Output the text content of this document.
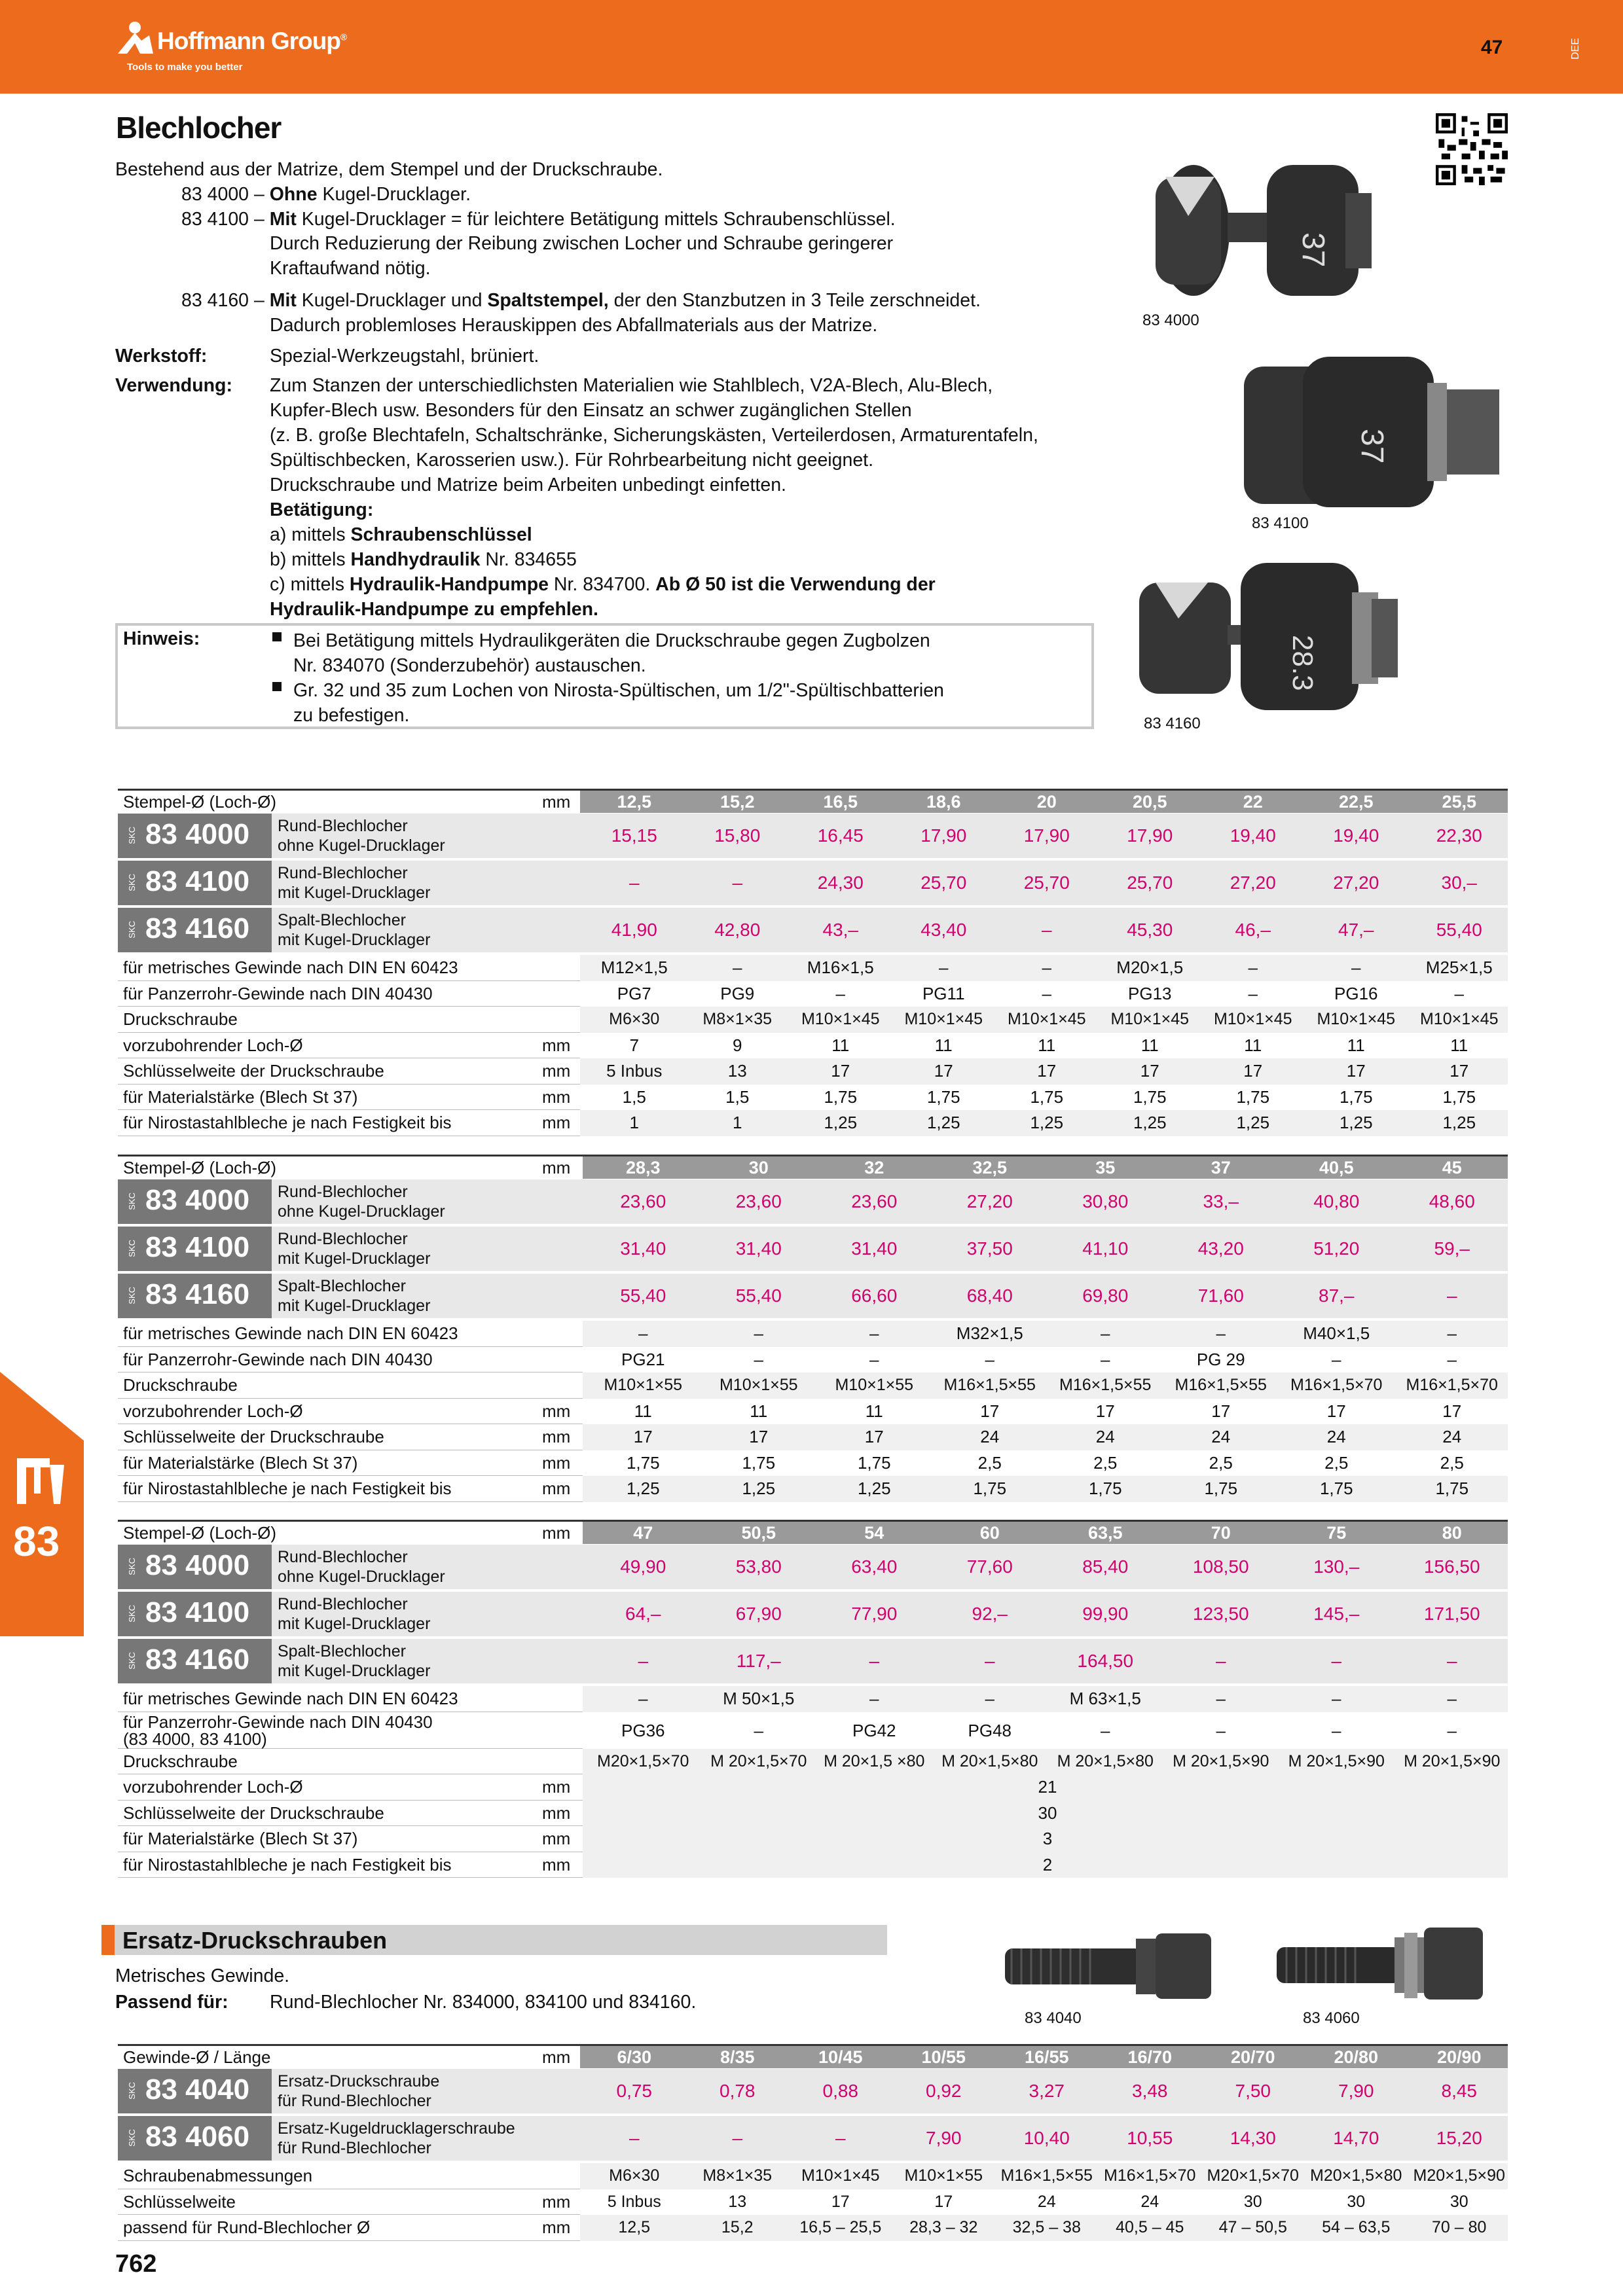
Hoffmann Group®
Tools to make you better
47	DEE
Blechlocher
Bestehend aus der Matrize, dem Stempel und der Druckschraube.
83 4000 – Ohne Kugel-Drucklager.
83 4100 – Mit Kugel-Drucklager = für leichtere Betätigung mittels Schraubenschlüssel.
Durch Reduzierung der Reibung zwischen Locher und Schraube geringerer
Kraftaufwand nötig.
83 4160 – Mit Kugel-Drucklager und Spaltstempel, der den Stanzbutzen in 3 Teile zerschneidet.
Dadurch problemloses Herauskippen des Abfallmaterials aus der Matrize.
Werkstoff:	Spezial-Werkzeugstahl, brüniert.
Verwendung: Zum Stanzen der unterschiedlichsten Materialien wie Stahlblech, V2A-Blech, Alu-Blech,
Kupfer-Blech usw. Besonders für den Einsatz an schwer zugänglichen Stellen
(z. B. große Blechtafeln, Schaltschränke, Sicherungskästen, Verteilerdosen, Armaturentafeln,
Spültischbecken, Karosserien usw.). Für Rohrbearbeitung nicht geeignet.
Druckschraube und Matrize beim Arbeiten unbedingt einfetten.
Betätigung:
a) mittels Schraubenschlüssel
b) mittels Handhydraulik Nr. 834655
c) mittels Hydraulik-Handpumpe Nr. 834700. Ab Ø 50 ist die Verwendung der
Hydraulik-Handpumpe zu empfehlen.
Hinweis:	Bei Betätigung mittels Hydraulikgeräten die Druckschraube gegen Zugbolzen
Nr. 834070 (Sonderzubehör) austauschen.
Gr. 32 und 35 zum Lochen von Nirosta-Spültischen, um 1/2"-Spültischbatterien
zu befestigen.
37
83 4000
37
83 4100
28.3
83 4160
12,5	15,2	16,5	18,6	20	20,5	22	22,5	25,5
Stempel-Ø (Loch-Ø)	mm
SKC 83 4000 Rund-Blechlocher
ohne Kugel-Drucklager	15,15	15,80	16,45	17,90	17,90	17,90	19,40	19,40	22,30
SKC 83 4100 Rund-Blechlocher
mit Kugel-Drucklager	–	–	24,30	25,70	25,70	25,70	27,20	27,20	30,–
SKC 83 4160 Spalt-Blechlocher
mit Kugel-Drucklager	41,90	42,80	43,–	43,40	–	45,30	46,–	47,–	55,40
für metrisches Gewinde nach DIN EN 60423	M12×1,5	–	M16×1,5	–	–	M20×1,5	–	–	M25×1,5
für Panzerrohr-Gewinde nach DIN 40430	PG7	PG9	–	PG11	–	PG13	–	PG16	–
Druckschraube	M6×30	M8×1×35	M10×1×45	M10×1×45	M10×1×45	M10×1×45	M10×1×45	M10×1×45	M10×1×45
vorzubohrender Loch-Ø	mm	7	9	11	11	11	11	11	11	11
Schlüsselweite der Druckschraube	mm	5 Inbus	13	17	17	17	17	17	17	17
für Materialstärke (Blech St 37)	mm	1,5	1,5	1,75	1,75	1,75	1,75	1,75	1,75	1,75
für Nirostastahlbleche je nach Festigkeit bis	mm	1	1	1,25	1,25	1,25	1,25	1,25	1,25	1,25
28,3	30	32	32,5	35	37	40,5	45
Stempel-Ø (Loch-Ø)	mm
SKC 83 4000 Rund-Blechlocher
ohne Kugel-Drucklager	23,60	23,60	23,60	27,20	30,80	33,–	40,80	48,60
SKC 83 4100 Rund-Blechlocher
mit Kugel-Drucklager	31,40	31,40	31,40	37,50	41,10	43,20	51,20	59,–
SKC 83 4160 Spalt-Blechlocher
mit Kugel-Drucklager	55,40	55,40	66,60	68,40	69,80	71,60	87,–	–
für metrisches Gewinde nach DIN EN 60423	–	–	–	M32×1,5	–	–	M40×1,5	–
für Panzerrohr-Gewinde nach DIN 40430	PG21	–	–	–	–	PG 29	–	–
Druckschraube	M10×1×55	M10×1×55	M10×1×55	M16×1,5×55	M16×1,5×55	M16×1,5×55	M16×1,5×70	M16×1,5×70
vorzubohrender Loch-Ø	mm	11	11	11	17	17	17	17	17
Schlüsselweite der Druckschraube	mm	17	17	17	24	24	24	24	24
für Materialstärke (Blech St 37)	mm	1,75	1,75	1,75	2,5	2,5	2,5	2,5	2,5
für Nirostastahlbleche je nach Festigkeit bis	mm	1,25	1,25	1,25	1,75	1,75	1,75	1,75	1,75
47	50,5	54	60	63,5	70	75	80
Stempel-Ø (Loch-Ø)	mm
SKC 83 4000 Rund-Blechlocher
ohne Kugel-Drucklager	49,90	53,80	63,40	77,60	85,40	108,50	130,–	156,50
SKC 83 4100 Rund-Blechlocher
mit Kugel-Drucklager	64,–	67,90	77,90	92,–	99,90	123,50	145,–	171,50
SKC 83 4160 Spalt-Blechlocher
mit Kugel-Drucklager	–	117,–	–	–	164,50	–	–	–
für metrisches Gewinde nach DIN EN 60423	–	M 50×1,5	–	–	M 63×1,5	–	–	–
für Panzerrohr-Gewinde nach DIN 40430
(83 4000, 83 4100)	PG36	–	PG42	PG48	–	–	–	–
Druckschraube	M20×1,5×70	M 20×1,5×70	M 20×1,5 ×80	M 20×1,5×80	M 20×1,5×80	M 20×1,5×90	M 20×1,5×90	M 20×1,5×90
vorzubohrender Loch-Ø	mm	21
Schlüsselweite der Druckschraube	mm	30
für Materialstärke (Blech St 37)	mm	3
für Nirostastahlbleche je nach Festigkeit bis	mm	2
83
Ersatz-Druckschrauben
Metrisches Gewinde.
Passend für: Rund-Blechlocher Nr. 834000, 834100 und 834160.
83 4040	83 4060
6/30	8/35	10/45	10/55	16/55	16/70	20/70	20/80	20/90
Gewinde-Ø / Länge	mm
SKC 83 4040 Ersatz-Druckschraube
für Rund-Blechlocher	0,75	0,78	0,88	0,92	3,27	3,48	7,50	7,90	8,45
SKC 83 4060 Ersatz-Kugeldrucklagerschraube
für Rund-Blechlocher	–	–	–	7,90	10,40	10,55	14,30	14,70	15,20
Schraubenabmessungen	M6×30	M8×1×35	M10×1×45	M10×1×55	M16×1,5×55 M16×1,5×70 M20×1,5×70 M20×1,5×80 M20×1,5×90
Schlüsselweite	mm	5 Inbus	13	17	17	24	24	30	30	30
passend für Rund-Blechlocher Ø	mm	12,5	15,2	16,5 – 25,5	28,3 – 32	32,5 – 38	40,5 – 45	47 – 50,5	54 – 63,5	70 – 80
762
